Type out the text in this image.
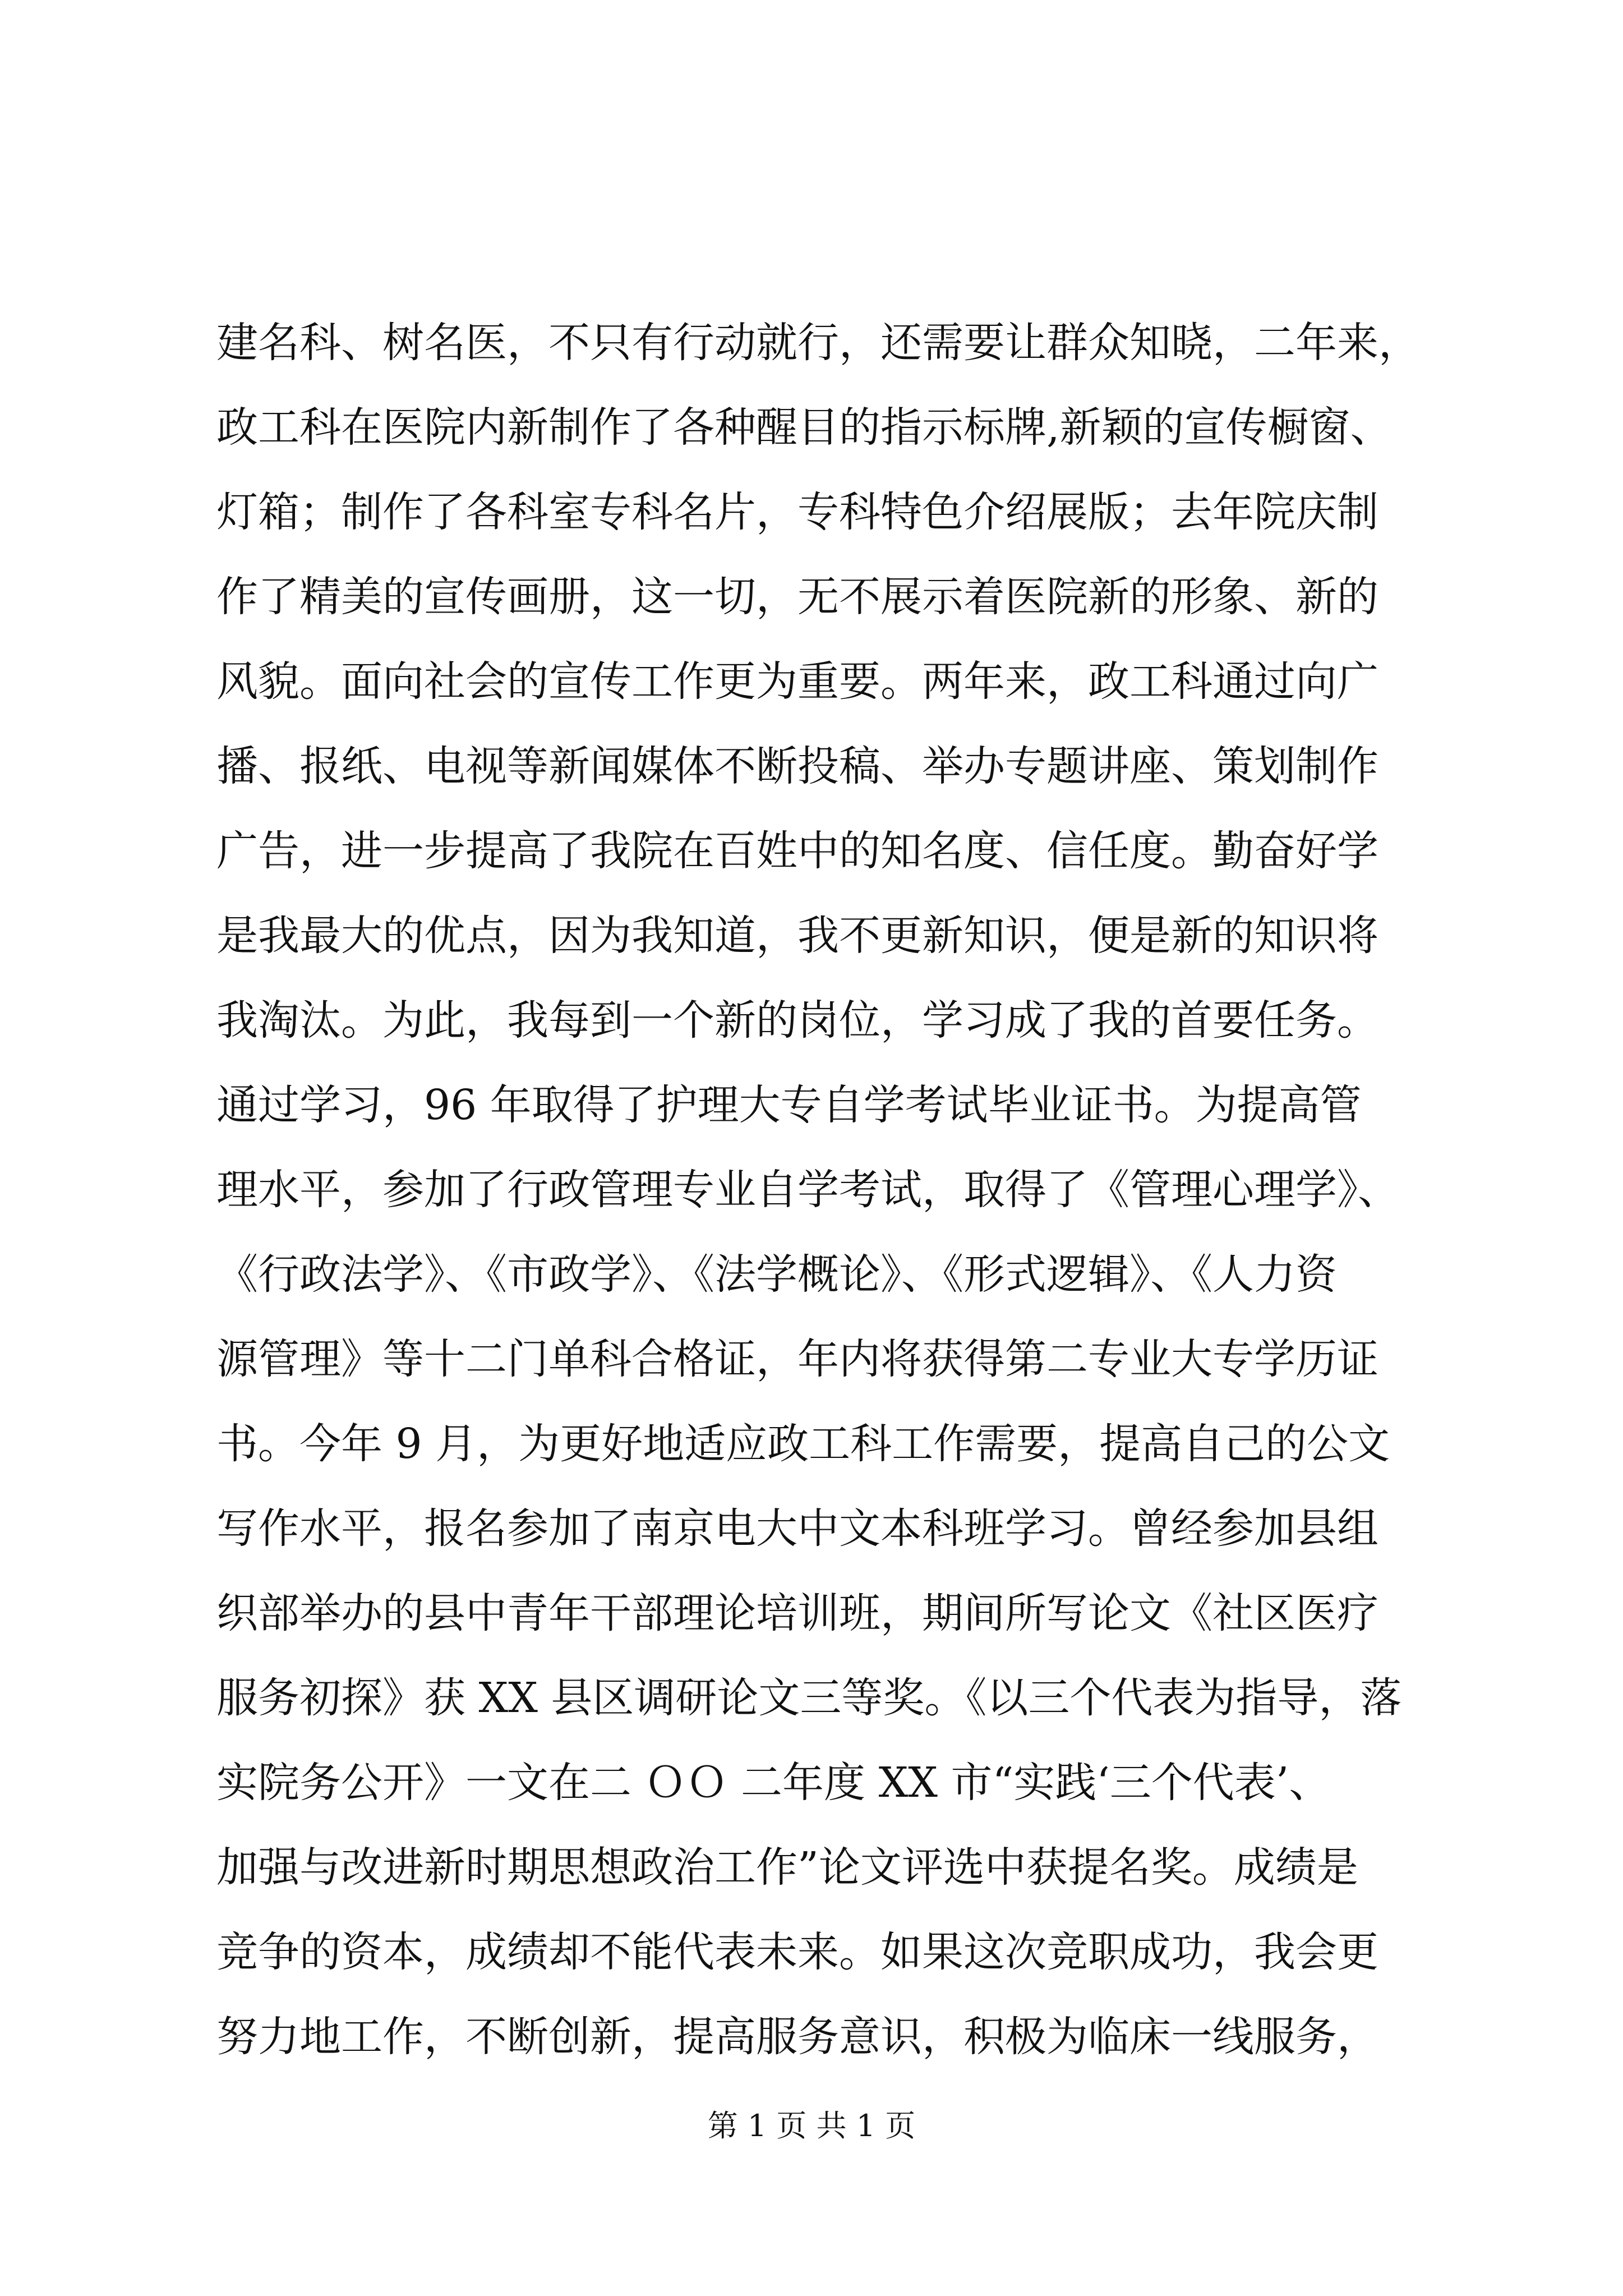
建名科、树名医，不只有行动就行，还需要让群众知晓，二年来，
政工科在医院内新制作了各种醒目的指示标牌,新颖的宣传橱窗、
灯箱；制作了各科室专科名片，专科特色介绍展版；去年院庆制
作了精美的宣传画册，这一切，无不展示着医院新的形象、新的
风貌。面向社会的宣传工作更为重要。两年来，政工科通过向广
播、报纸、电视等新闻媒体不断投稿、举办专题讲座、策划制作
广告，进一步提高了我院在百姓中的知名度、信任度。勤奋好学
是我最大的优点，因为我知道，我不更新知识，便是新的知识将
我淘汰。为此，我每到一个新的岗位，学习成了我的首要任务。
通过学习，96 年取得了护理大专自学考试毕业证书。为提高管
理水平，参加了行政管理专业自学考试，取得了《管理心理学》、
《行政法学》、《市政学》、《法学概论》、《形式逻辑》、《人力资
源管理》等十二门单科合格证，年内将获得第二专业大专学历证
书。今年 9 月，为更好地适应政工科工作需要，提高自己的公文
写作水平，报名参加了南京电大中文本科班学习。曾经参加县组
织部举办的县中青年干部理论培训班，期间所写论文《社区医疗
服务初探》获 XX 县区调研论文三等奖。《以三个代表为指导，落
实院务公开》一文在二 ＯＯ 二年度 XX 市“实践‘三个代表’、
加强与改进新时期思想政治工作”论文评选中获提名奖。成绩是
竞争的资本，成绩却不能代表未来。如果这次竞职成功，我会更
努力地工作，不断创新，提高服务意识，积极为临床一线服务，
第 1 页 共 1 页
